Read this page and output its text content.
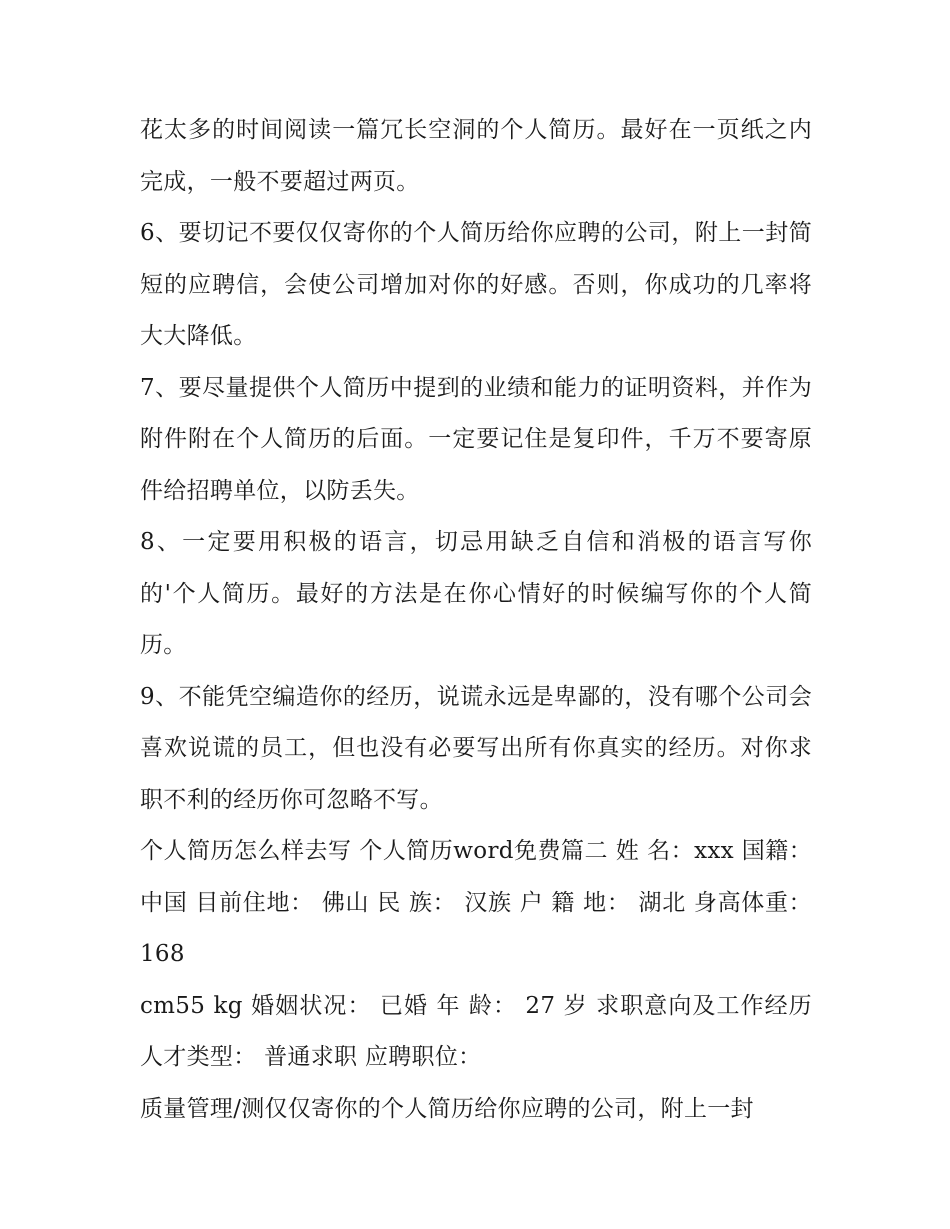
花太多的时间阅读一篇冗长空洞的个人简历。最好在一页纸之内完成，一般不要超过两页。

6、要切记不要仅仅寄你的个人简历给你应聘的公司，附上一封简短的应聘信，会使公司增加对你的好感。否则，你成功的几率将大大降低。

7、要尽量提供个人简历中提到的业绩和能力的证明资料，并作为附件附在个人简历的后面。一定要记住是复印件，千万不要寄原件给招聘单位，以防丢失。

8、一定要用积极的语言，切忌用缺乏自信和消极的语言写你的'个人简历。最好的方法是在你心情好的时候编写你的个人简历。

9、不能凭空编造你的经历，说谎永远是卑鄙的，没有哪个公司会喜欢说谎的员工，但也没有必要写出所有你真实的经历。对你求职不利的经历你可忽略不写。

个人简历怎么样去写 个人简历word免费篇二 姓 名：xxx 国籍： 中国 目前住地： 佛山 民 族： 汉族 户 籍 地： 湖北 身高体重： 168

cm55 kg 婚姻状况： 已婚 年 龄： 27 岁 求职意向及工作经历 人才类型： 普通求职 应聘职位：

质量管理/测仅仅寄你的个人简历给你应聘的公司，附上一封
